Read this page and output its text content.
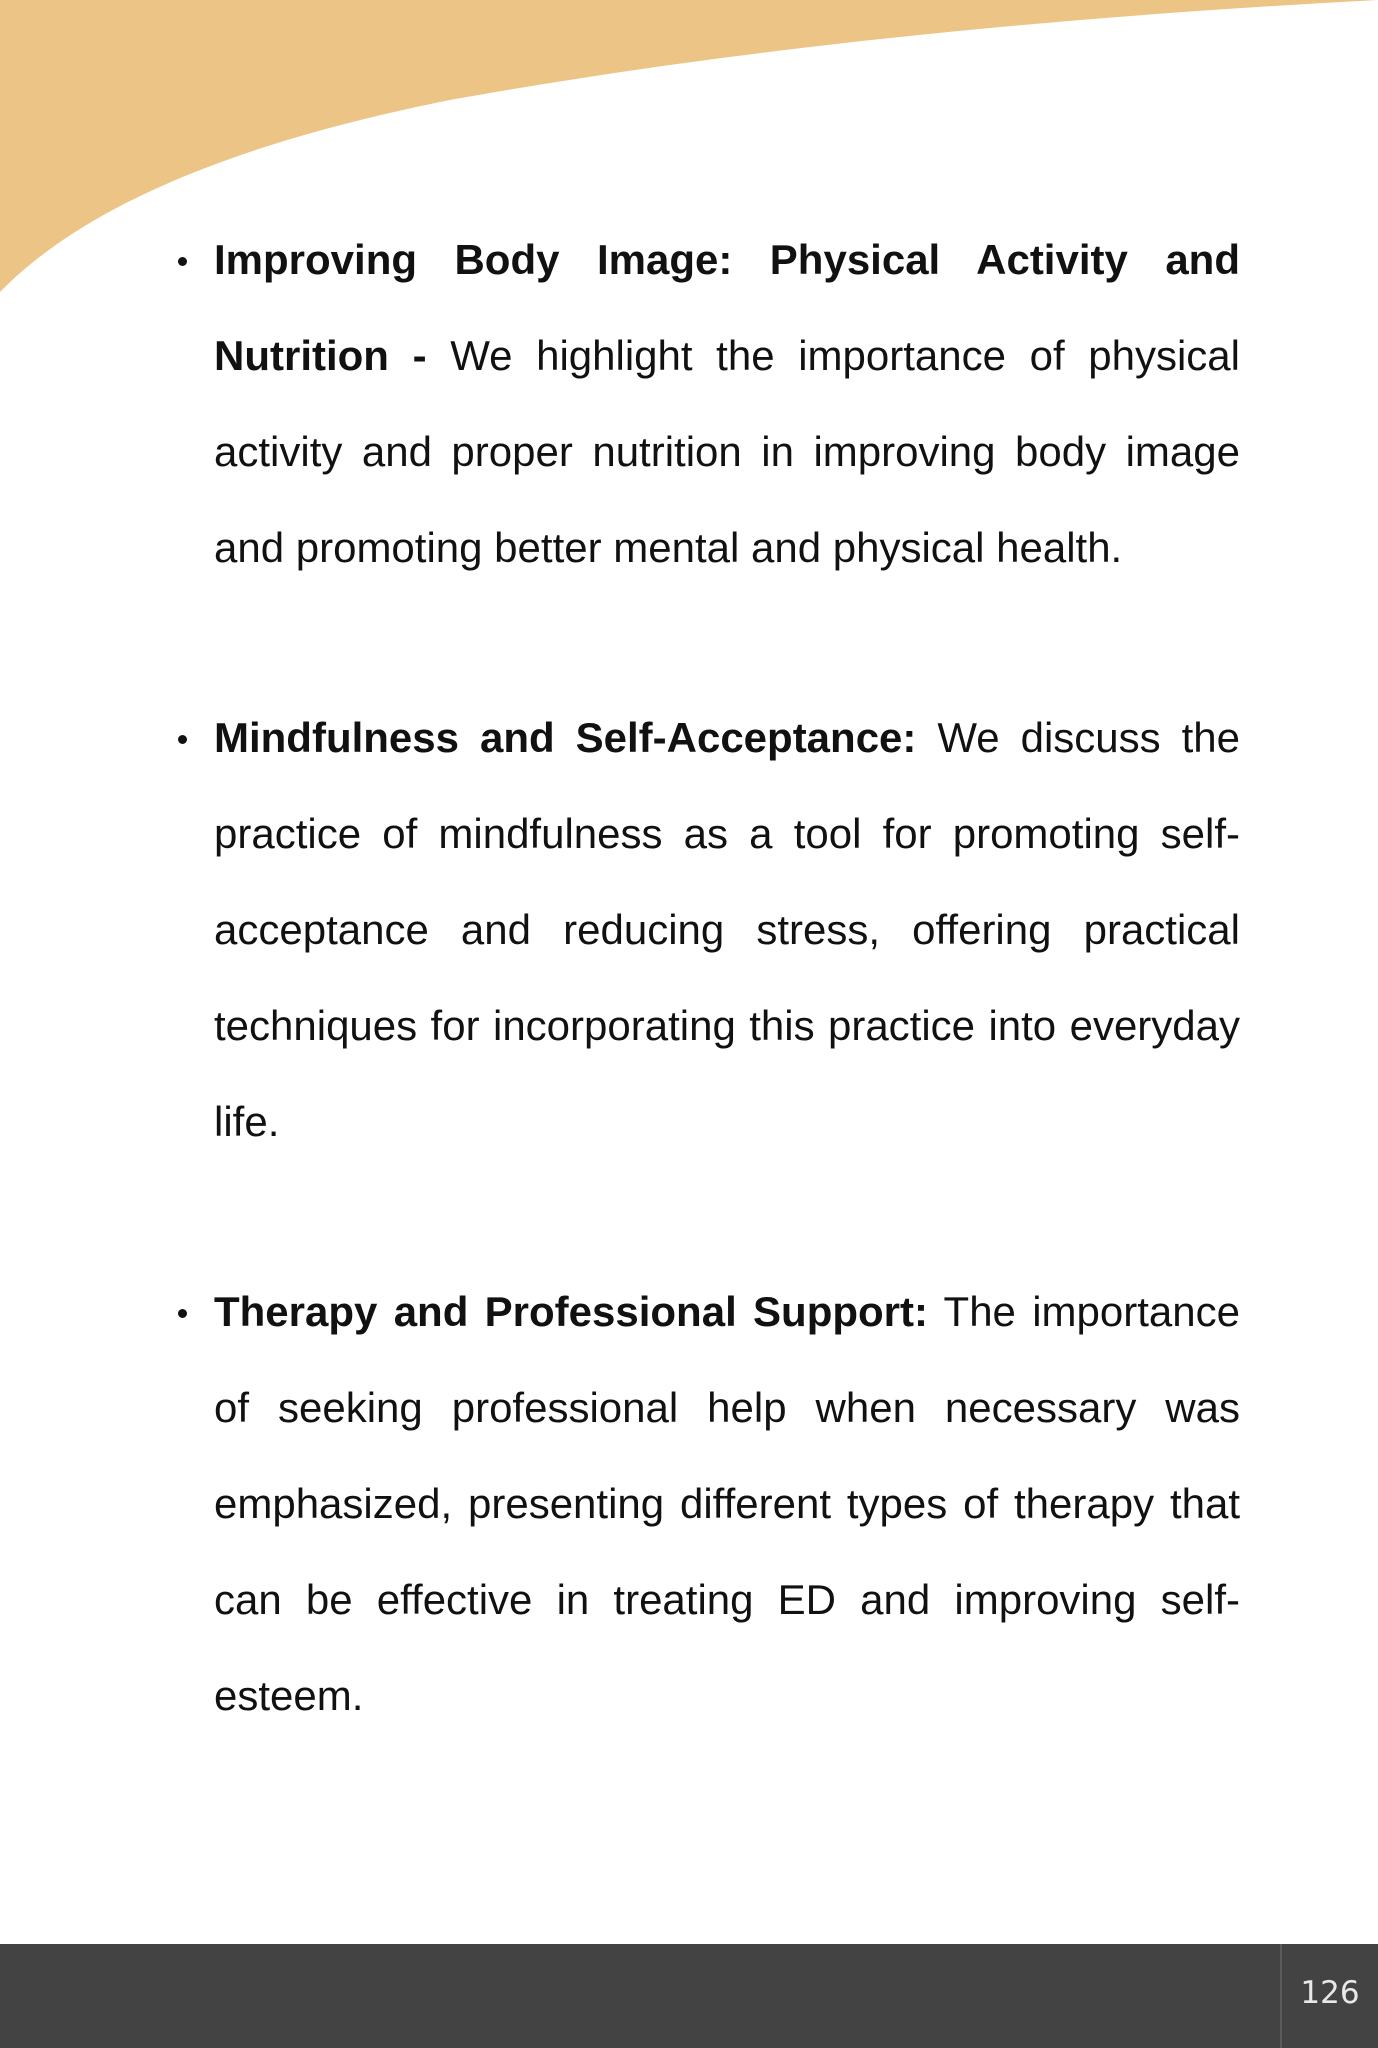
Improving Body Image: Physical Activity and Nutrition - We highlight the importance of physical activity and proper nutrition in improving body image and promoting better mental and physical health.
Mindfulness and Self-Acceptance: We discuss the practice of mindfulness as a tool for promoting self-acceptance and reducing stress, offering practical techniques for incorporating this practice into everyday life.
Therapy and Professional Support: The importance of seeking professional help when necessary was emphasized, presenting different types of therapy that can be effective in treating ED and improving self-esteem.
126
